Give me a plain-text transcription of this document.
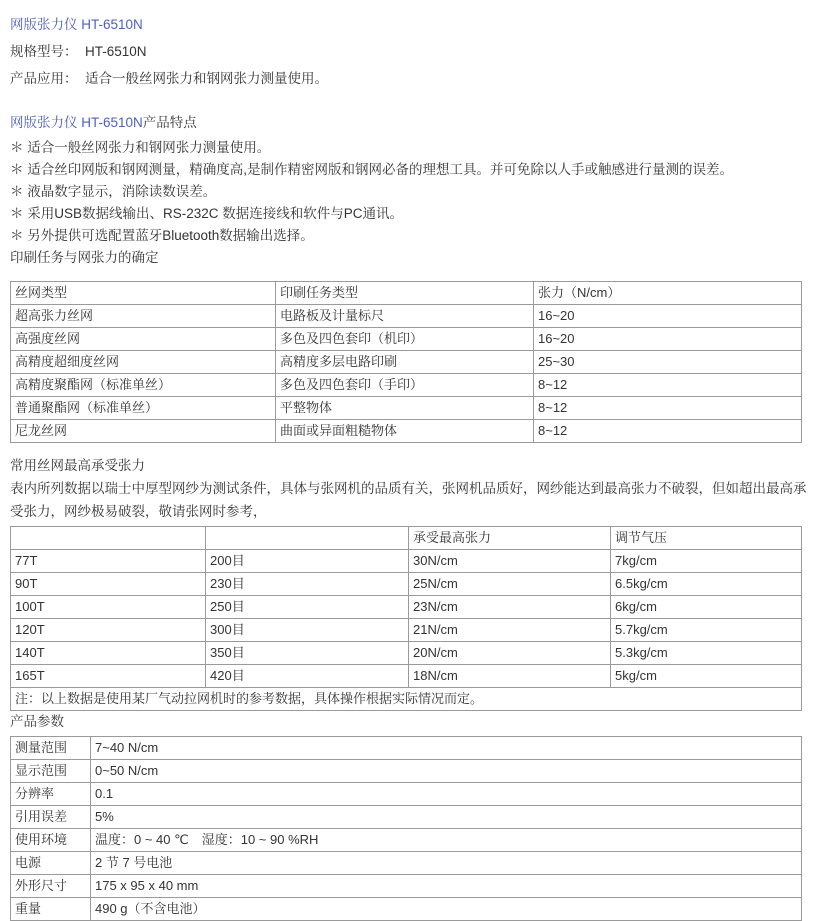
网版张力仪 HT-6510N
规格型号： HT-6510N
产品应用： 适合一般丝网张力和钢网张力测量使用。
网版张力仪 HT-6510N产品特点
＊ 适合一般丝网张力和钢网张力测量使用。
＊ 适合丝印网版和钢网测量，精确度高,是制作精密网版和钢网必备的理想工具。并可免除以人手或触感进行量测的误差。
＊ 液晶数字显示，消除读数误差。
＊ 采用USB数据线输出、RS-232C 数据连接线和软件与PC通讯。
＊ 另外提供可选配置蓝牙Bluetooth数据输出选择。
印刷任务与网张力的确定
丝网类型	印刷任务类型	张力（N/cm）
超高张力丝网	电路板及计量标尺	16~20
高强度丝网	多色及四色套印（机印）	16~20
高精度超细度丝网	高精度多层电路印刷	25~30
高精度聚酯网（标准单丝）	多色及四色套印（手印）	8~12
普通聚酯网（标准单丝）	平整物体	8~12
尼龙丝网	曲面或异面粗糙物体	8~12
常用丝网最高承受张力
表内所列数据以瑞士中厚型网纱为测试条件，具体与张网机的品质有关，张网机品质好，网纱能达到最高张力不破裂，但如超出最高承受张力，网纱极易破裂，敬请张网时参考，
		承受最高张力	调节气压
77T	200目	30N/cm	7kg/cm
90T	230目	25N/cm	6.5kg/cm
100T	250目	23N/cm	6kg/cm
120T	300目	21N/cm	5.7kg/cm
140T	350目	20N/cm	5.3kg/cm
165T	420目	18N/cm	5kg/cm
注：以上数据是使用某厂气动拉网机时的参考数据，具体操作根据实际情况而定。			
产品参数
测量范围	7~40 N/cm
显示范围	0~50 N/cm
分辨率	0.1
引用误差	5%
使用环境	温度：0 ~ 40 ℃　湿度：10 ~ 90 %RH
电源	2 节 7 号电池
外形尺寸	175 x 95 x 40 mm
重量	490 g（不含电池）
